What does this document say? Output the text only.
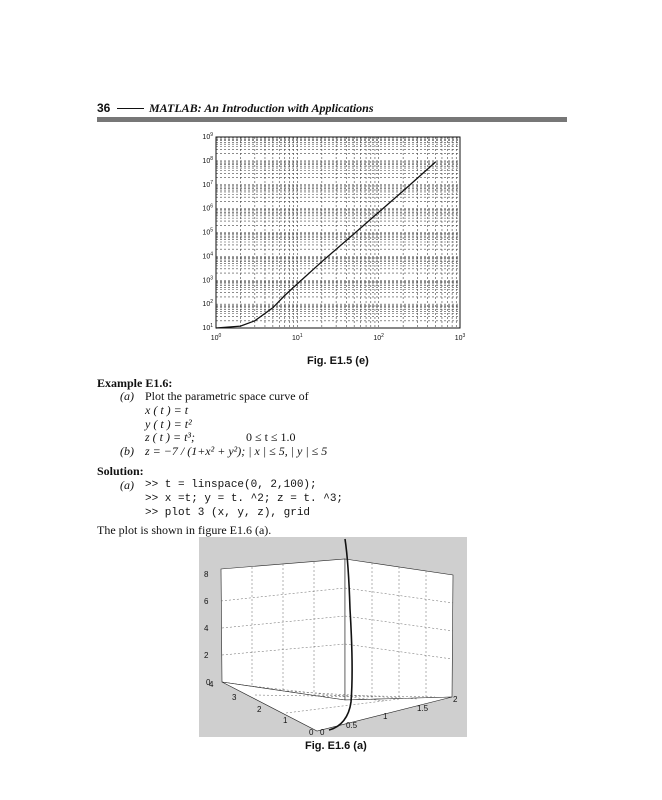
36	MATLAB: An Introduction with Applications
$10^1$
$10^2$
$10^3$
$10^4$
$10^5$
$10^6$
$10^7$
$10^8$
$10^9$
$10^0$	$10^1$	$10^2$	$10^3$
Fig. E1.5 (e)
Example E1.6:
(a) Plot the parametric space curve of
x ( t ) = t
y ( t ) = t²
z ( t ) = t³;	0 ≤ t ≤ 1.0
(b) z = −7 / (1+x² + y²); | x | ≤ 5, | y | ≤ 5
Solution:
(a) >> t = linspace(0, 2,100);
>> x =t; y = t. ^2; z = t. ^3;
>> plot 3 (x, y, z), grid
The plot is shown in figure E1.6 (a).
0
2
4
6
8
4
3
2
1
0 0
0.5
1
1.5
2
Fig. E1.6 (a)
